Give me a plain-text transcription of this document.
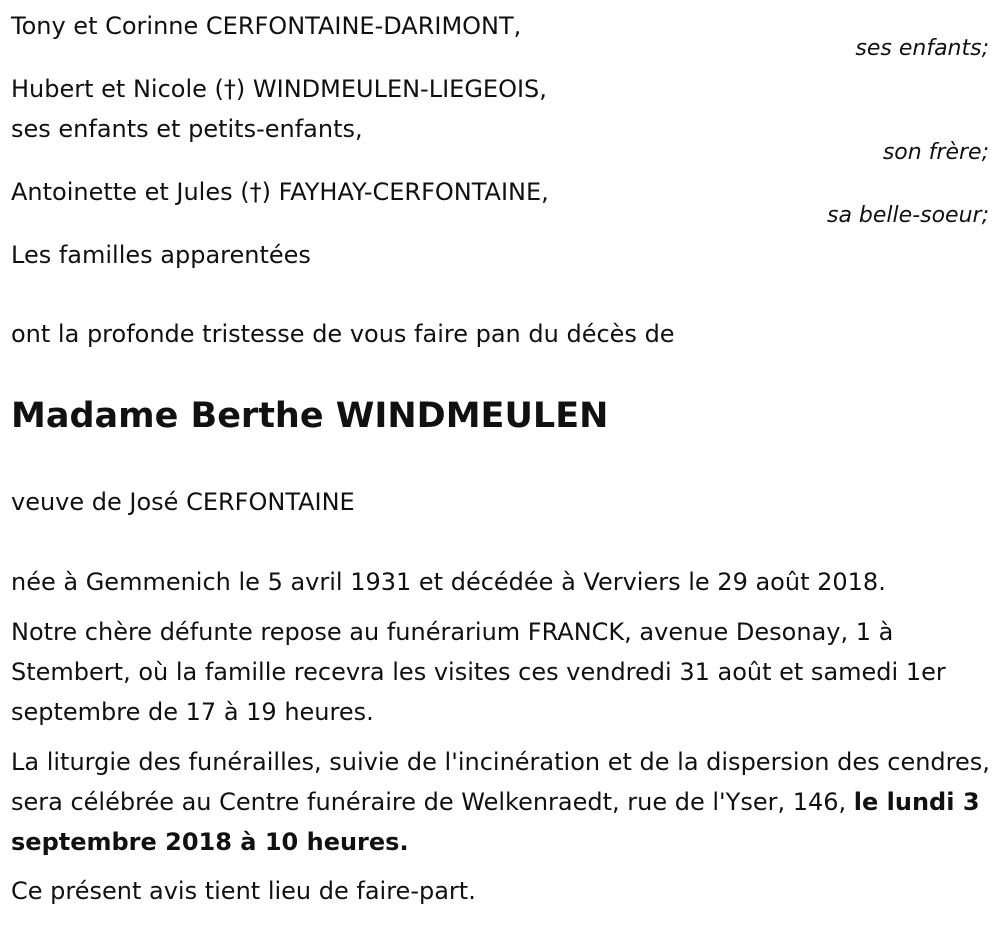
Tony et Corinne CERFONTAINE-DARIMONT,
ses enfants;
Hubert et Nicole (†) WINDMEULEN-LIEGEOIS,
ses enfants et petits-enfants,
son frère;
Antoinette et Jules (†) FAYHAY-CERFONTAINE,
sa belle-soeur;
Les familles apparentées
ont la profonde tristesse de vous faire pan du décès de
Madame Berthe WINDMEULEN
veuve de José CERFONTAINE
née à Gemmenich le 5 avril 1931 et décédée à Verviers le 29 août 2018.
Notre chère défunte repose au funérarium FRANCK, avenue Desonay, 1 à Stembert, où la famille recevra les visites ces vendredi 31 août et samedi 1er septembre de 17 à 19 heures.
La liturgie des funérailles, suivie de l'incinération et de la dispersion des cendres, sera célébrée au Centre funéraire de Welkenraedt, rue de l'Yser, 146, le lundi 3 septembre 2018 à 10 heures.
Ce présent avis tient lieu de faire-part.
